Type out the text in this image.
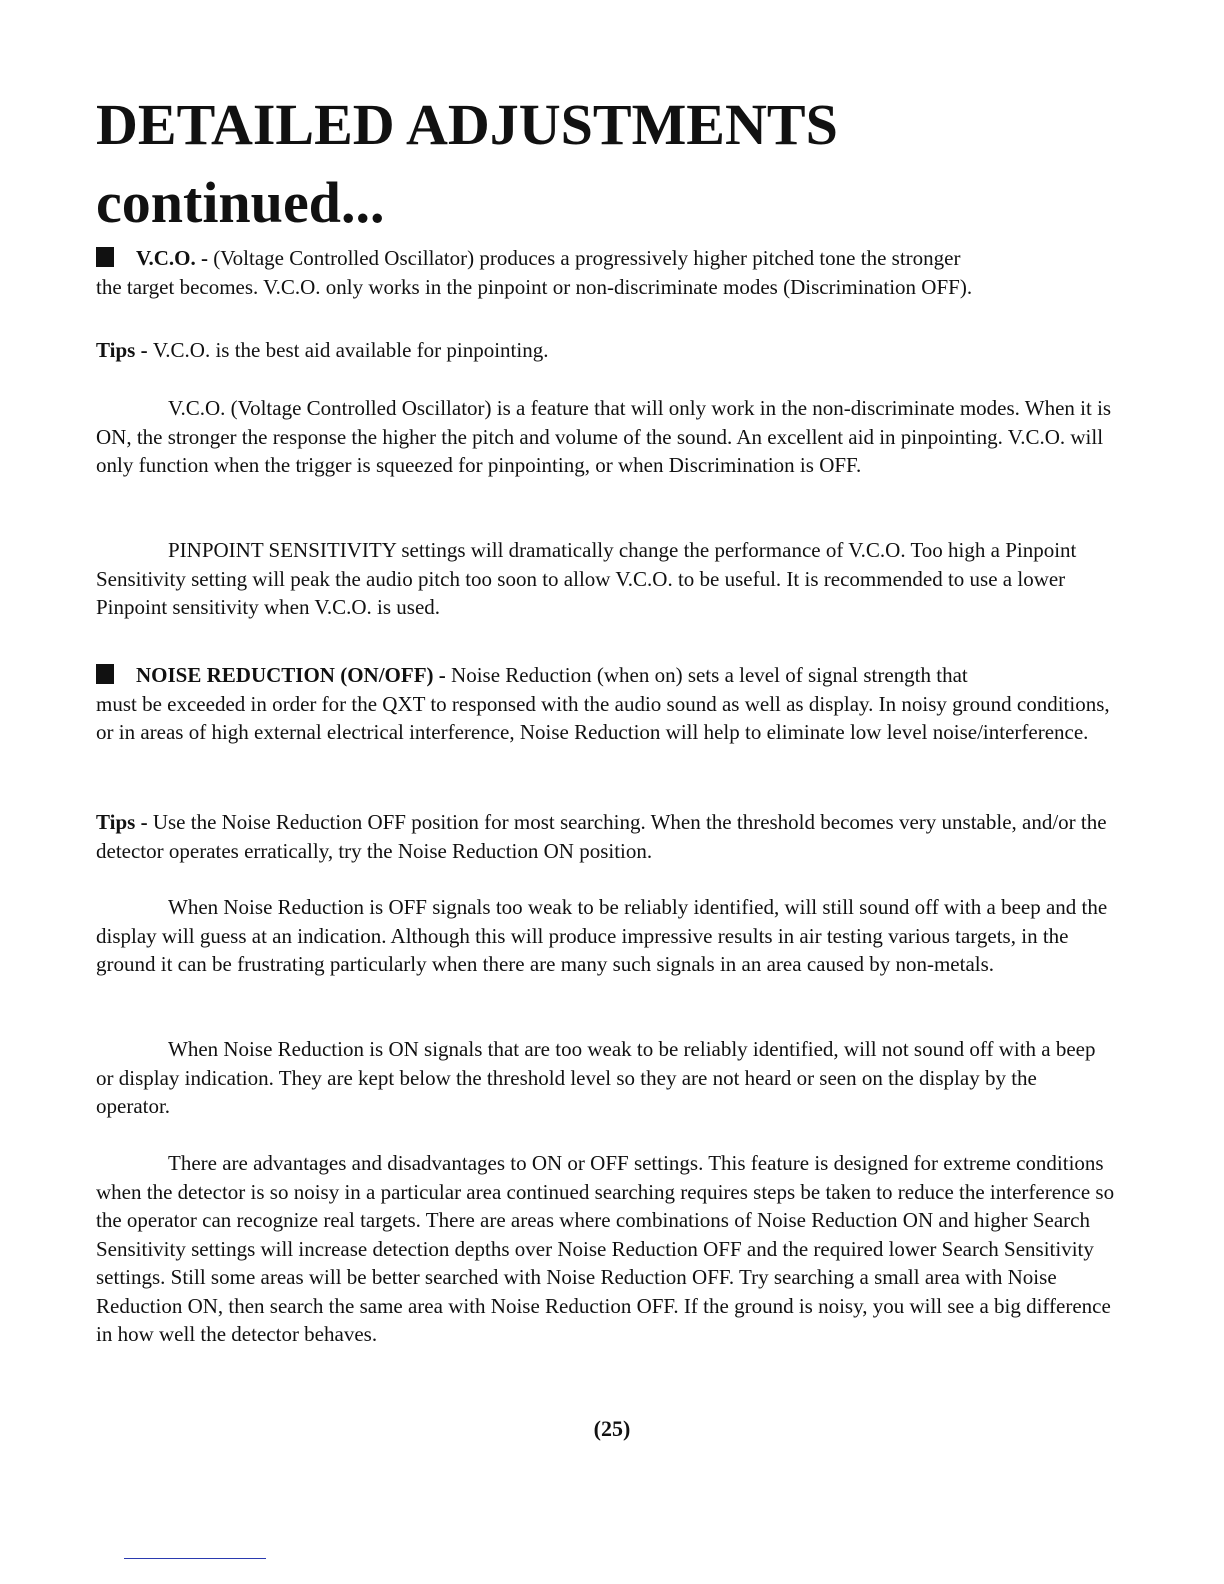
DETAILED ADJUSTMENTS
continued...

V.C.O. - (Voltage Controlled Oscillator) produces a progressively higher pitched tone the stronger
the target becomes. V.C.O. only works in the pinpoint or non-discriminate modes (Discrimination OFF).

Tips - V.C.O. is the best aid available for pinpointing.

V.C.O. (Voltage Controlled Oscillator) is a feature that will only work in the non-discriminate modes. When it is ON, the stronger the response the higher the pitch and volume of the sound. An excellent aid in pinpointing. V.C.O. will only function when the trigger is squeezed for pinpointing, or when Discrimination is OFF.

PINPOINT SENSITIVITY settings will dramatically change the performance of V.C.O. Too high a Pinpoint Sensitivity setting will peak the audio pitch too soon to allow V.C.O. to be useful. It is recommended to use a lower Pinpoint sensitivity when V.C.O. is used.

NOISE REDUCTION (ON/OFF) - Noise Reduction (when on) sets a level of signal strength that
must be exceeded in order for the QXT to responsed with the audio sound as well as display. In noisy ground conditions, or in areas of high external electrical interference, Noise Reduction will help to eliminate low level noise/interference.

Tips - Use the Noise Reduction OFF position for most searching. When the threshold becomes very unstable, and/or the detector operates erratically, try the Noise Reduction ON position.

When Noise Reduction is OFF signals too weak to be reliably identified, will still sound off with a beep and the display will guess at an indication. Although this will produce impressive results in air testing various targets, in the ground it can be frustrating particularly when there are many such signals in an area caused by non-metals.

When Noise Reduction is ON signals that are too weak to be reliably identified, will not sound off with a beep or display indication. They are kept below the threshold level so they are not heard or seen on the display by the operator.

There are advantages and disadvantages to ON or OFF settings. This feature is designed for extreme conditions when the detector is so noisy in a particular area continued searching requires steps be taken to reduce the interference so the operator can recognize real targets. There are areas where combinations of Noise Reduction ON and higher Search Sensitivity settings will increase detection depths over Noise Reduction OFF and the required lower Search Sensitivity settings. Still some areas will be better searched with Noise Reduction OFF. Try searching a small area with Noise Reduction ON, then search the same area with Noise Reduction OFF. If the ground is noisy, you will see a big difference in how well the detector behaves.

(25)
